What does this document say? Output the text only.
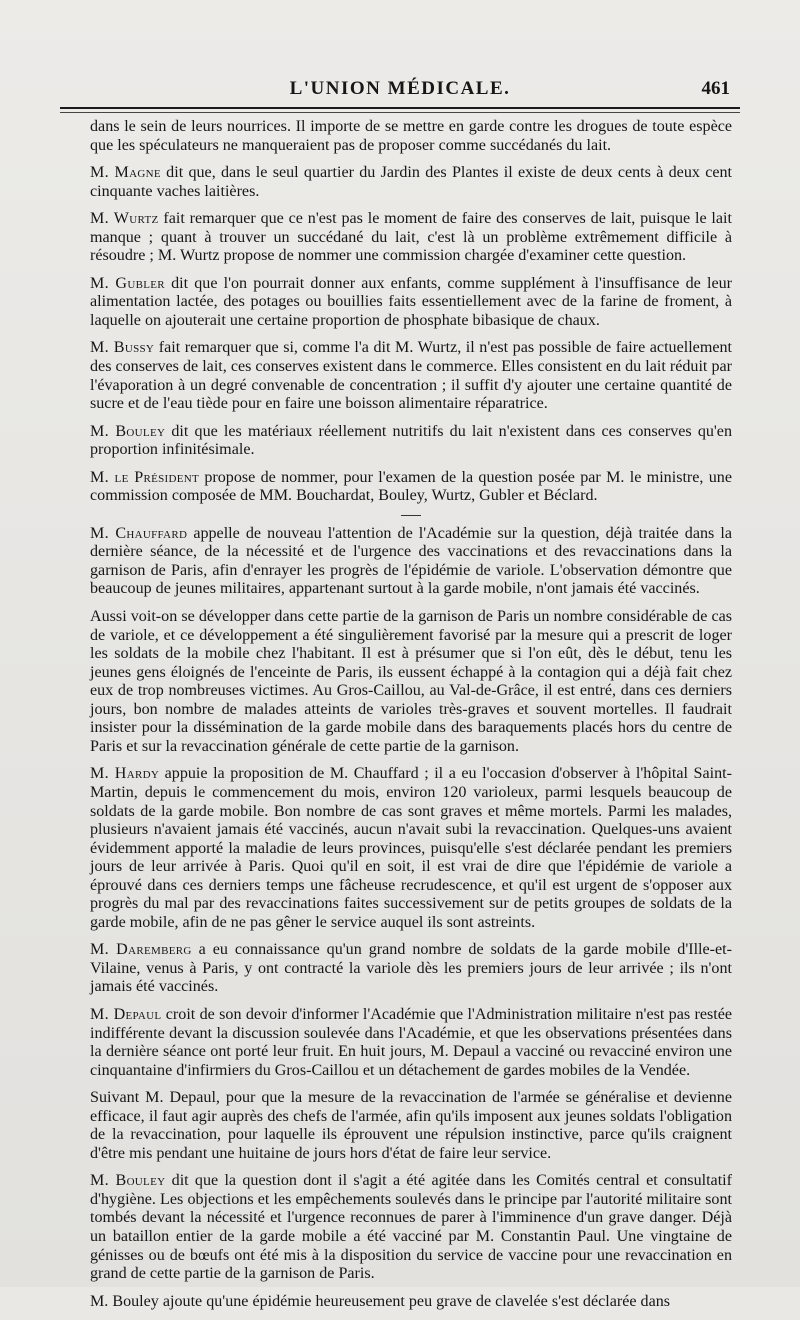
L'UNION MÉDICALE.	461

dans le sein de leurs nourrices. Il importe de se mettre en garde contre les drogues de toute espèce que les spéculateurs ne manqueraient pas de proposer comme succédanés du lait.

M. Magne dit que, dans le seul quartier du Jardin des Plantes il existe de deux cents à deux cent cinquante vaches laitières.

M. Wurtz fait remarquer que ce n'est pas le moment de faire des conserves de lait, puisque le lait manque ; quant à trouver un succédané du lait, c'est là un problème extrêmement difficile à résoudre ; M. Wurtz propose de nommer une commission chargée d'examiner cette question.

M. Gubler dit que l'on pourrait donner aux enfants, comme supplément à l'insuffisance de leur alimentation lactée, des potages ou bouillies faits essentiellement avec de la farine de froment, à laquelle on ajouterait une certaine proportion de phosphate bibasique de chaux.

M. Bussy fait remarquer que si, comme l'a dit M. Wurtz, il n'est pas possible de faire actuellement des conserves de lait, ces conserves existent dans le commerce. Elles consistent en du lait réduit par l'évaporation à un degré convenable de concentration ; il suffit d'y ajouter une certaine quantité de sucre et de l'eau tiède pour en faire une boisson alimentaire réparatrice.

M. Bouley dit que les matériaux réellement nutritifs du lait n'existent dans ces conserves qu'en proportion infinitésimale.

M. le Président propose de nommer, pour l'examen de la question posée par M. le ministre, une commission composée de MM. Bouchardat, Bouley, Wurtz, Gubler et Béclard.

M. Chauffard appelle de nouveau l'attention de l'Académie sur la question, déjà traitée dans la dernière séance, de la nécessité et de l'urgence des vaccinations et des revaccinations dans la garnison de Paris, afin d'enrayer les progrès de l'épidémie de variole. L'observation démontre que beaucoup de jeunes militaires, appartenant surtout à la garde mobile, n'ont jamais été vaccinés.

Aussi voit-on se développer dans cette partie de la garnison de Paris un nombre considérable de cas de variole, et ce développement a été singulièrement favorisé par la mesure qui a prescrit de loger les soldats de la mobile chez l'habitant. Il est à présumer que si l'on eût, dès le début, tenu les jeunes gens éloignés de l'enceinte de Paris, ils eussent échappé à la contagion qui a déjà fait chez eux de trop nombreuses victimes. Au Gros-Caillou, au Val-de-Grâce, il est entré, dans ces derniers jours, bon nombre de malades atteints de varioles très-graves et souvent mortelles. Il faudrait insister pour la dissémination de la garde mobile dans des baraquements placés hors du centre de Paris et sur la revaccination générale de cette partie de la garnison.

M. Hardy appuie la proposition de M. Chauffard ; il a eu l'occasion d'observer à l'hôpital Saint-Martin, depuis le commencement du mois, environ 120 varioleux, parmi lesquels beaucoup de soldats de la garde mobile. Bon nombre de cas sont graves et même mortels. Parmi les malades, plusieurs n'avaient jamais été vaccinés, aucun n'avait subi la revaccination. Quelques-uns avaient évidemment apporté la maladie de leurs provinces, puisqu'elle s'est déclarée pendant les premiers jours de leur arrivée à Paris. Quoi qu'il en soit, il est vrai de dire que l'épidémie de variole a éprouvé dans ces derniers temps une fâcheuse recrudescence, et qu'il est urgent de s'opposer aux progrès du mal par des revaccinations faites successivement sur de petits groupes de soldats de la garde mobile, afin de ne pas gêner le service auquel ils sont astreints.

M. Daremberg a eu connaissance qu'un grand nombre de soldats de la garde mobile d'Ille-et-Vilaine, venus à Paris, y ont contracté la variole dès les premiers jours de leur arrivée ; ils n'ont jamais été vaccinés.

M. Depaul croit de son devoir d'informer l'Académie que l'Administration militaire n'est pas restée indifférente devant la discussion soulevée dans l'Académie, et que les observations présentées dans la dernière séance ont porté leur fruit. En huit jours, M. Depaul a vacciné ou revacciné environ une cinquantaine d'infirmiers du Gros-Caillou et un détachement de gardes mobiles de la Vendée.

Suivant M. Depaul, pour que la mesure de la revaccination de l'armée se généralise et devienne efficace, il faut agir auprès des chefs de l'armée, afin qu'ils imposent aux jeunes soldats l'obligation de la revaccination, pour laquelle ils éprouvent une répulsion instinctive, parce qu'ils craignent d'être mis pendant une huitaine de jours hors d'état de faire leur service.

M. Bouley dit que la question dont il s'agit a été agitée dans les Comités central et consultatif d'hygiène. Les objections et les empêchements soulevés dans le principe par l'autorité militaire sont tombés devant la nécessité et l'urgence reconnues de parer à l'imminence d'un grave danger. Déjà un bataillon entier de la garde mobile a été vacciné par M. Constantin Paul. Une vingtaine de génisses ou de bœufs ont été mis à la disposition du service de vaccine pour une revaccination en grand de cette partie de la garnison de Paris.

M. Bouley ajoute qu'une épidémie heureusement peu grave de clavelée s'est déclarée dans
